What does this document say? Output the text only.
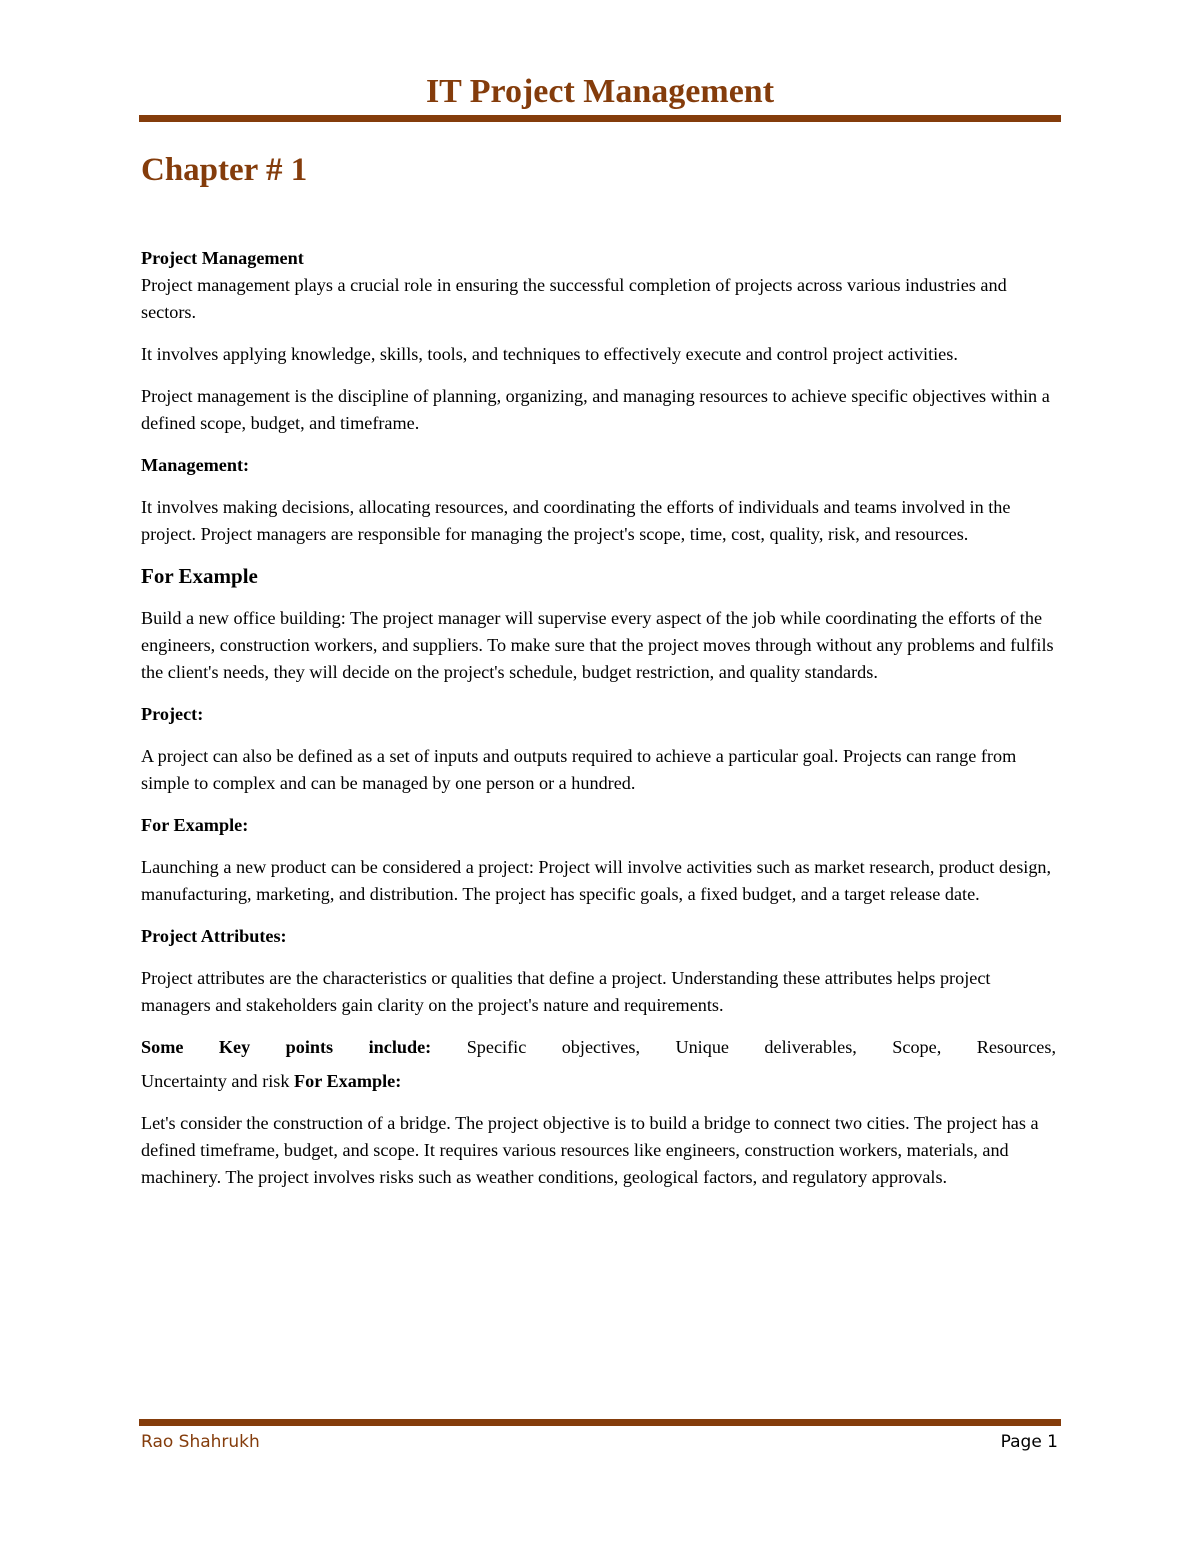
IT Project Management
Chapter # 1

Project Management

Project management plays a crucial role in ensuring the successful completion of projects across various industries and sectors.

It involves applying knowledge, skills, tools, and techniques to effectively execute and control project activities.

Project management is the discipline of planning, organizing, and managing resources to achieve specific objectives within a defined scope, budget, and timeframe.

Management:

It involves making decisions, allocating resources, and coordinating the efforts of individuals and teams involved in the project. Project managers are responsible for managing the project's scope, time, cost, quality, risk, and resources.

For Example

Build a new office building: The project manager will supervise every aspect of the job while coordinating the efforts of the engineers, construction workers, and suppliers. To make sure that the project moves through without any problems and fulfils the client's needs, they will decide on the project's schedule, budget restriction, and quality standards.

Project:

A project can also be defined as a set of inputs and outputs required to achieve a particular goal. Projects can range from simple to complex and can be managed by one person or a hundred.

For Example:

Launching a new product can be considered a project: Project will involve activities such as market research, product design, manufacturing, marketing, and distribution. The project has specific goals, a fixed budget, and a target release date.

Project Attributes:

Project attributes are the characteristics or qualities that define a project. Understanding these attributes helps project managers and stakeholders gain clarity on the project's nature and requirements.

Some Key points include: Specific objectives, Unique deliverables, Scope, Resources,

Uncertainty and risk For Example:

Let's consider the construction of a bridge. The project objective is to build a bridge to connect two cities. The project has a defined timeframe, budget, and scope. It requires various resources like engineers, construction workers, materials, and machinery. The project involves risks such as weather conditions, geological factors, and regulatory approvals.

Rao Shahrukh	Page 1
